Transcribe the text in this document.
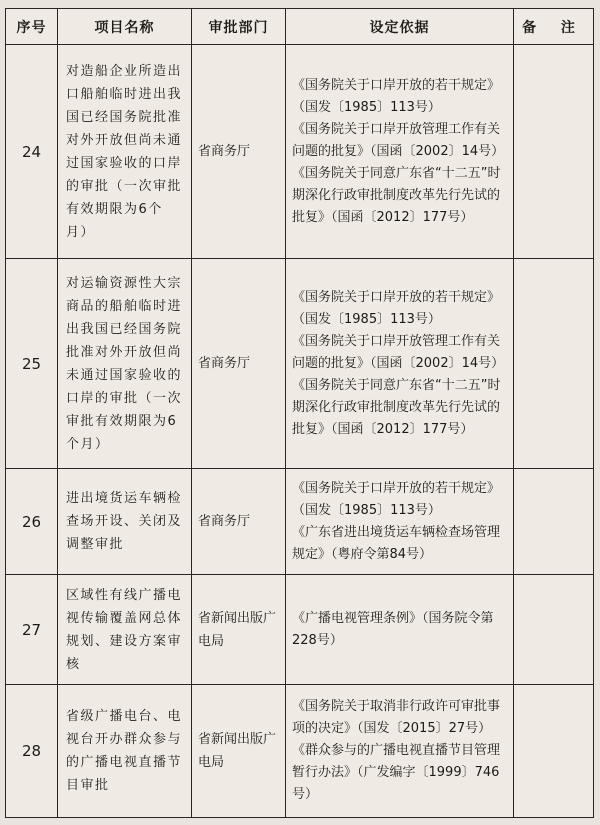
序号	项目名称	审批部门	设定依据	备 注
24	对造船企业所造出口船舶临时进出我国已经国务院批准对外开放但尚未通过国家验收的口岸的审批（一次审批有效期限为6个月）	省商务厅	《国务院关于口岸开放的若干规定》（国发〔1985〕113号）
《国务院关于口岸开放管理工作有关问题的批复》（国函〔2002〕14号）
《国务院关于同意广东省“十二五”时期深化行政审批制度改革先行先试的批复》（国函〔2012〕177号）	

25	对运输资源性大宗商品的船舶临时进出我国已经国务院批准对外开放但尚未通过国家验收的口岸的审批（一次审批有效期限为6个月）	省商务厅	《国务院关于口岸开放的若干规定》（国发〔1985〕113号）
《国务院关于口岸开放管理工作有关问题的批复》（国函〔2002〕14号）
《国务院关于同意广东省“十二五”时期深化行政审批制度改革先行先试的批复》（国函〔2012〕177号）	

26	进出境货运车辆检查场开设、关闭及调整审批	省商务厅	《国务院关于口岸开放的若干规定》（国发〔1985〕113号）
《广东省进出境货运车辆检查场管理规定》（粤府令第84号）	

27	区域性有线广播电视传输覆盖网总体规划、建设方案审核	省新闻出版广电局	《广播电视管理条例》（国务院令第228号）	

28	省级广播电台、电视台开办群众参与的广播电视直播节目审批	省新闻出版广电局	《国务院关于取消非行政许可审批事项的决定》（国发〔2015〕27号）
《群众参与的广播电视直播节目管理暂行办法》（广发编字〔1999〕746号）	
